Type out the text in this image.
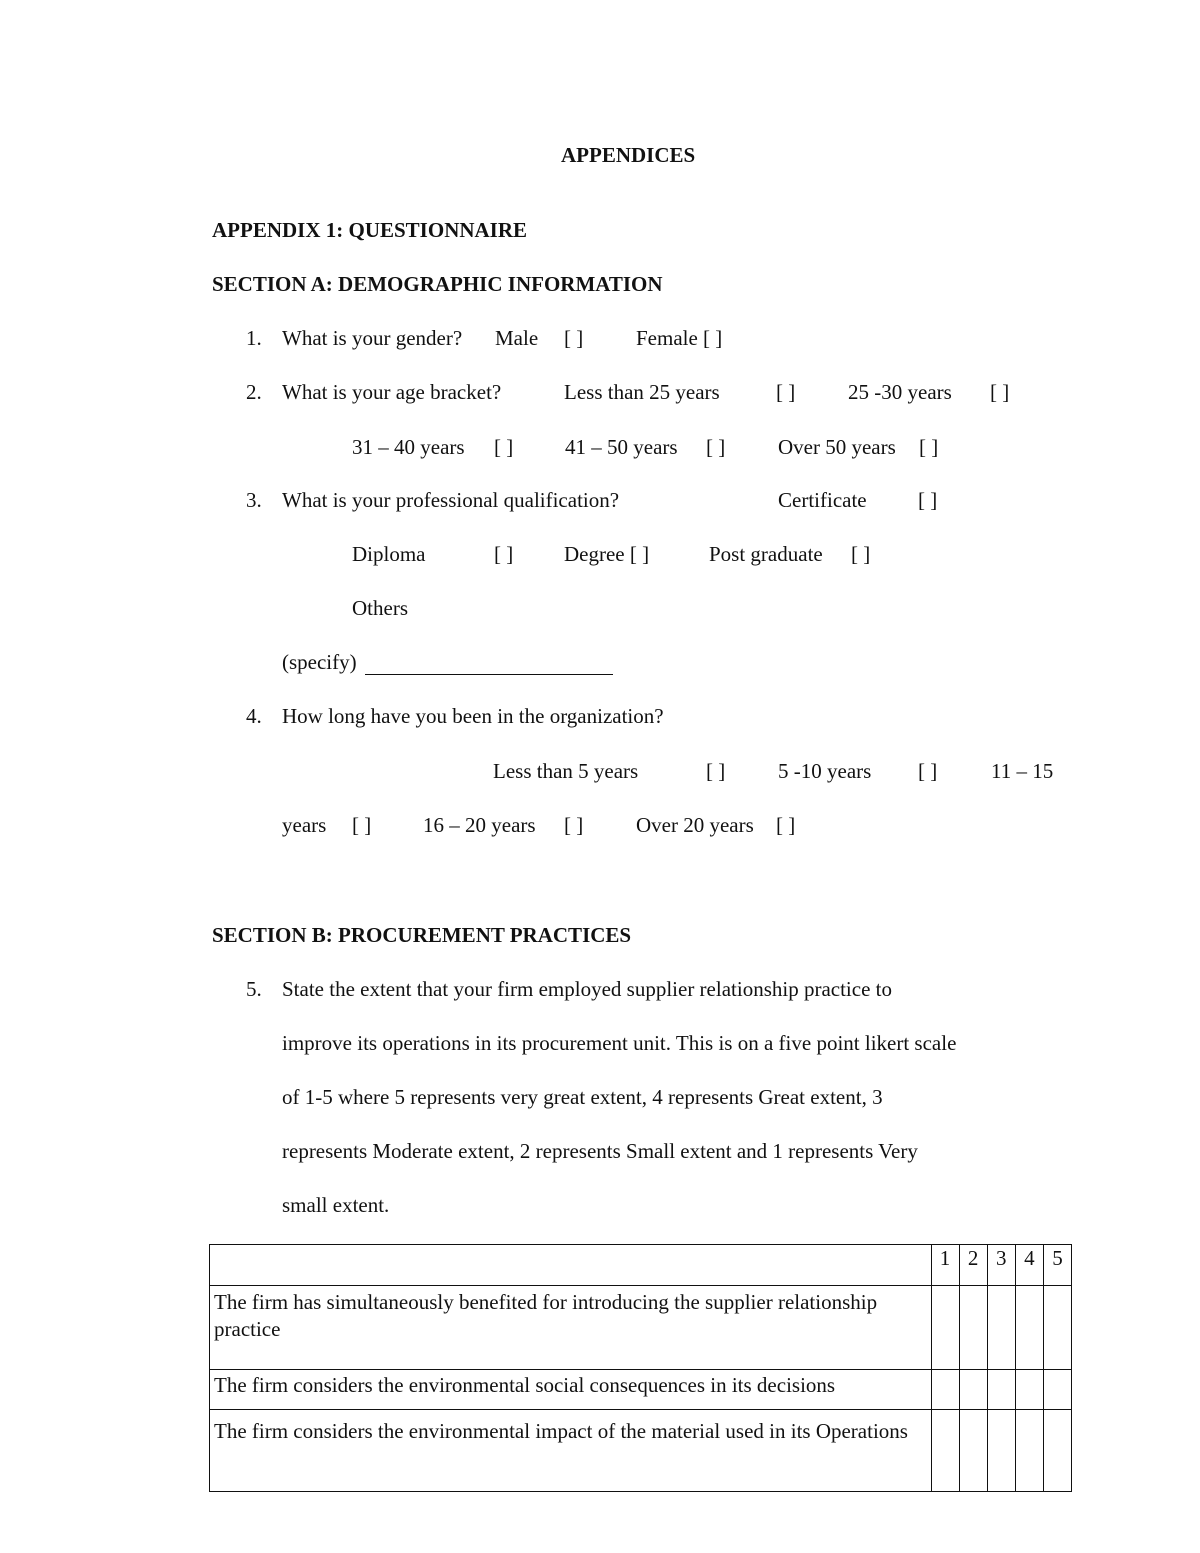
APPENDICES
APPENDIX 1: QUESTIONNAIRE
SECTION A: DEMOGRAPHIC INFORMATION
1. What is your gender? Male [ ]	Female [ ]
2. What is your age bracket?	Less than 25 years	[ ]	25 -30 years [ ]
31 – 40 years [ ] 41 – 50 years [ ]	Over 50 years [ ]
3. What is your professional qualification?	Certificate [ ]
Diploma	[ ] Degree [ ]	Post graduate [ ]
Others
(specify)
4. How long have you been in the organization?
Less than 5 years	[ ]	5 -10 years [ ]	11 – 15
years [ ] 16 – 20 years [ ]	Over 20 years [ ]
SECTION B: PROCUREMENT PRACTICES
5. State the extent that your firm employed supplier relationship practice to
improve its operations in its procurement unit. This is on a five point likert scale
of 1-5 where 5 represents very great extent, 4 represents Great extent, 3
represents Moderate extent, 2 represents Small extent and 1 represents Very
small extent.
	1	2	3	4	5
The firm has simultaneously benefited for introducing the supplier relationship practice					
The firm considers the environmental social consequences in its decisions					
The firm considers the environmental impact of the material used in its Operations					
